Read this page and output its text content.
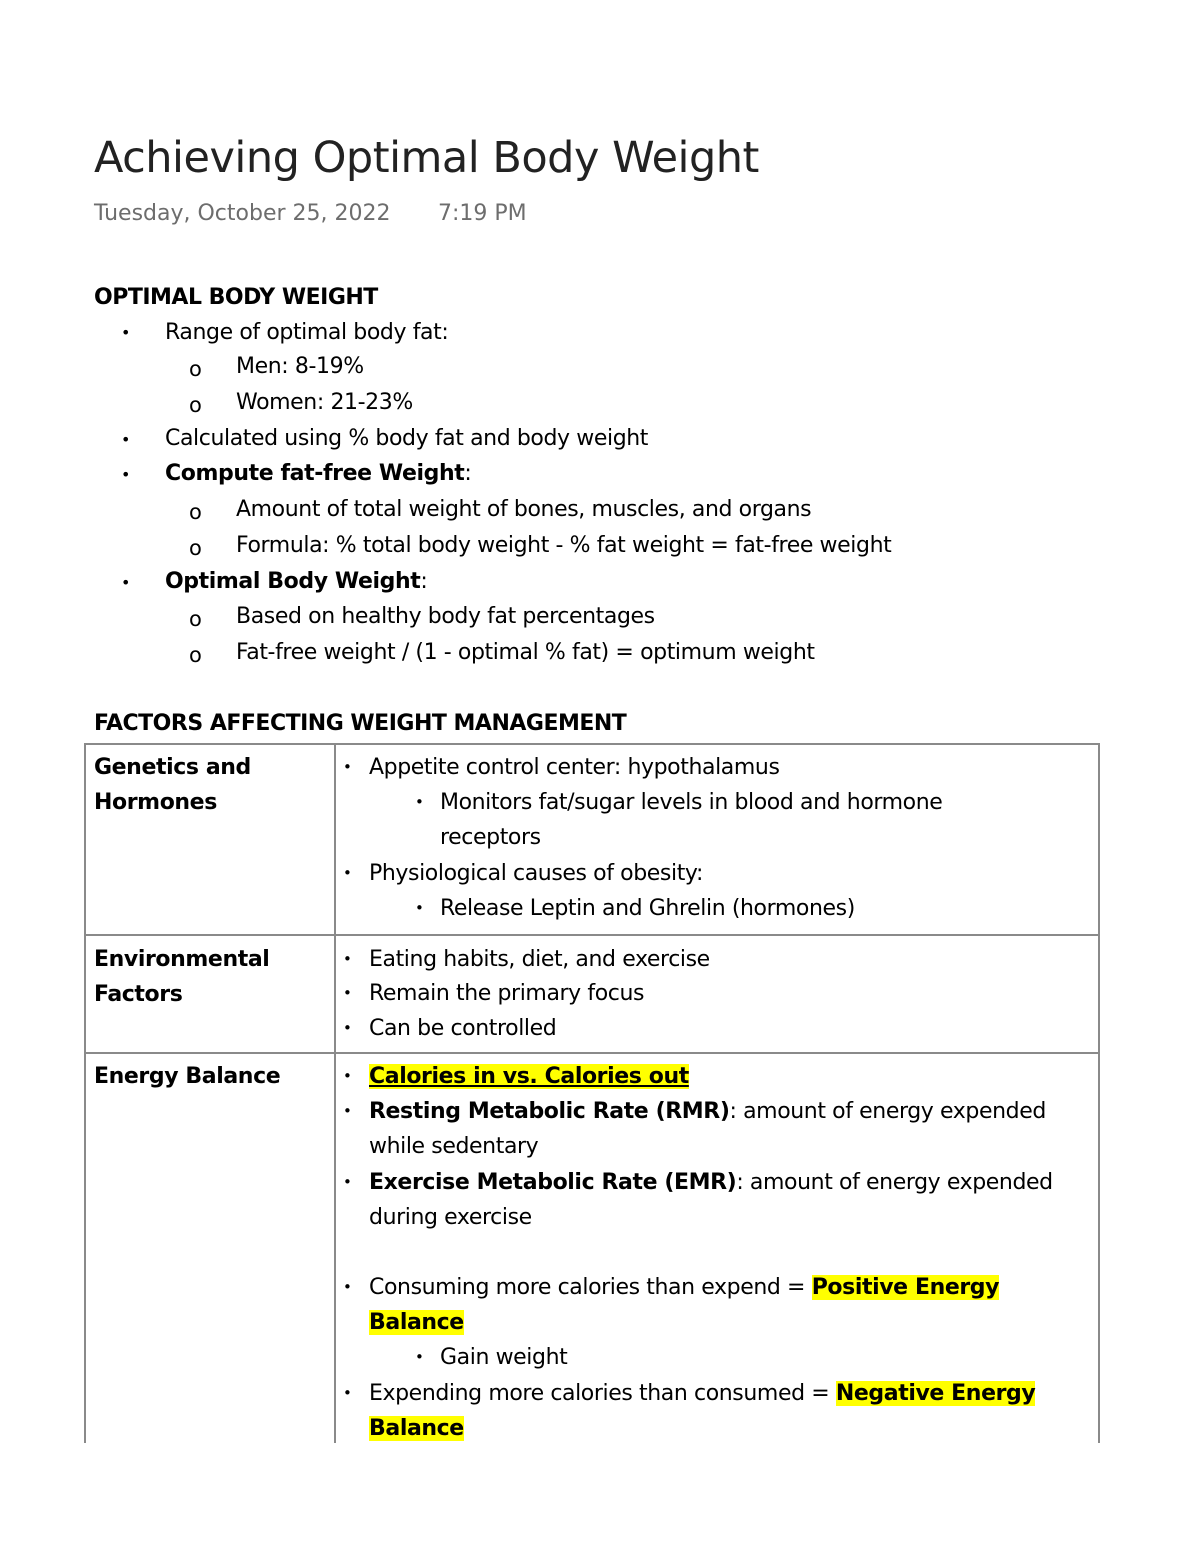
Achieving Optimal Body Weight
Tuesday, October 25, 2022 7:19 PM
OPTIMAL BODY WEIGHT
• Range of optimal body fat:
o Men: 8-19%
o Women: 21-23%
• Calculated using % body fat and body weight
• Compute fat-free Weight:
o Amount of total weight of bones, muscles, and organs
o Formula: % total body weight - % fat weight = fat-free weight
• Optimal Body Weight:
o Based on healthy body fat percentages
o Fat-free weight / (1 - optimal % fat) = optimum weight
FACTORS AFFECTING WEIGHT MANAGEMENT
Genetics and Hormones
• Appetite control center: hypothalamus
• Monitors fat/sugar levels in blood and hormone
receptors
• Physiological causes of obesity:
• Release Leptin and Ghrelin (hormones)
Environmental Factors
• Eating habits, diet, and exercise
• Remain the primary focus
• Can be controlled
Energy Balance	• Calories in vs. Calories out
• Resting Metabolic Rate (RMR): amount of energy expended
while sedentary
• Exercise Metabolic Rate (EMR): amount of energy expended
during exercise
• Consuming more calories than expend = Positive Energy
Balance
• Gain weight
• Expending more calories than consumed = Negative Energy
Balance
